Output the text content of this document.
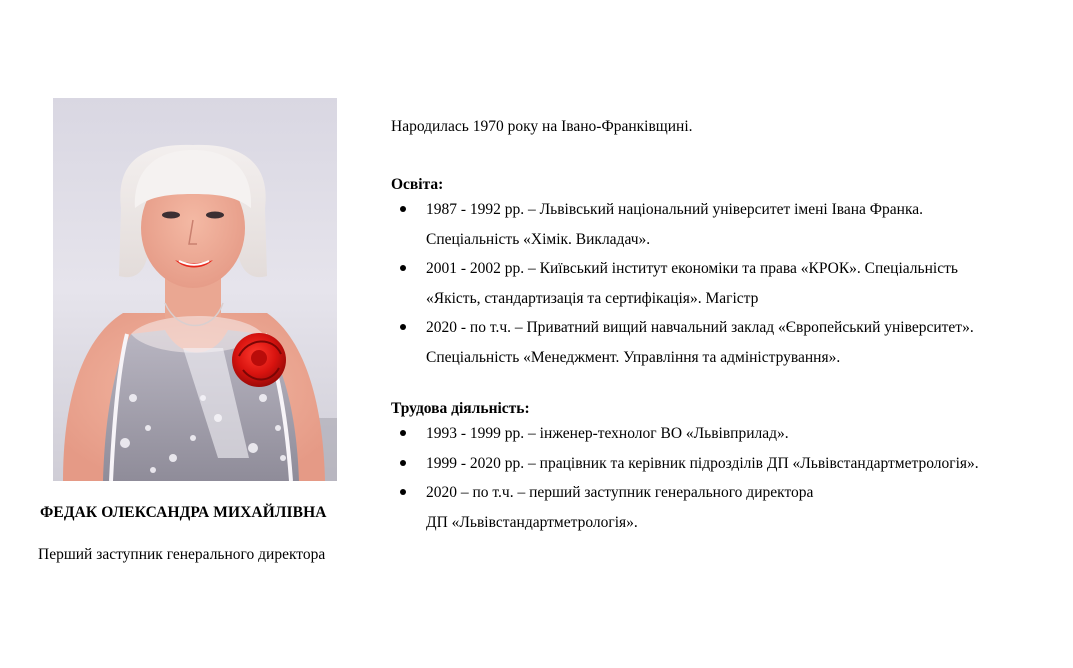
ФЕДАК ОЛЕКСАНДРА МИХАЙЛІВНА
Перший заступник генерального директора

Народилась 1970 року на Івано-Франківщині.

Освіта:

1987 - 1992 рр. – Львівський національний університет імені Івана Франка.
Спеціальність «Хімік. Викладач».
2001 - 2002 рр. – Київський інститут економіки та права «КРОК». Спеціальність
«Якість, стандартизація та сертифікація». Магістр
2020 - по т.ч. – Приватний вищий навчальний заклад «Європейський університет».
Спеціальність «Менеджмент. Управління та адміністрування».

Трудова діяльність:

1993 - 1999 рр. – інженер-технолог ВО «Львівприлад».
1999 - 2020 рр. – працівник та керівник підрозділів ДП «Львівстандартметрологія».
2020 – по т.ч. – перший заступник генерального директора
ДП «Львівстандартметрологія».
